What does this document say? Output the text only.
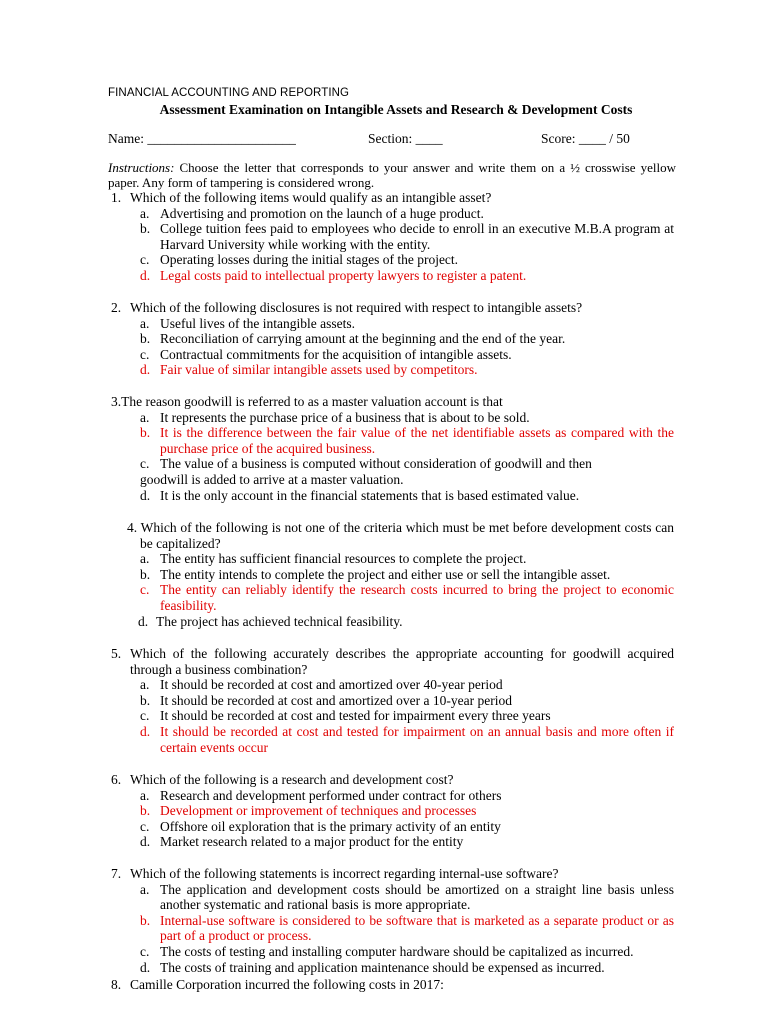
FINANCIAL ACCOUNTING AND REPORTING
Assessment Examination on Intangible Assets and Research & Development Costs
Name: ______________________	Section: ____	Score: ____ / 50
Instructions: Choose the letter that corresponds to your answer and write them on a ½ crosswise yellow paper. Any form of tampering is considered wrong.
1. Which of the following items would qualify as an intangible asset?
a. Advertising and promotion on the launch of a huge product.
b. College tuition fees paid to employees who decide to enroll in an executive M.B.A program at Harvard University while working with the entity.
c. Operating losses during the initial stages of the project.
d. Legal costs paid to intellectual property lawyers to register a patent.
2. Which of the following disclosures is not required with respect to intangible assets?
a. Useful lives of the intangible assets.
b. Reconciliation of carrying amount at the beginning and the end of the year.
c. Contractual commitments for the acquisition of intangible assets.
d. Fair value of similar intangible assets used by competitors.
3.The reason goodwill is referred to as a master valuation account is that
a. It represents the purchase price of a business that is about to be sold.
b. It is the difference between the fair value of the net identifiable assets as compared with the purchase price of the acquired business.
c. The value of a business is computed without consideration of goodwill and then
goodwill is added to arrive at a master valuation.
d. It is the only account in the financial statements that is based estimated value.
4. Which of the following is not one of the criteria which must be met before development costs can be capitalized?
a. The entity has sufficient financial resources to complete the project.
b. The entity intends to complete the project and either use or sell the intangible asset.
c. The entity can reliably identify the research costs incurred to bring the project to economic feasibility.
d. The project has achieved technical feasibility.
5. Which of the following accurately describes the appropriate accounting for goodwill acquired through a business combination?
a. It should be recorded at cost and amortized over 40-year period
b. It should be recorded at cost and amortized over a 10-year period
c. It should be recorded at cost and tested for impairment every three years
d. It should be recorded at cost and tested for impairment on an annual basis and more often if certain events occur
6. Which of the following is a research and development cost?
a. Research and development performed under contract for others
b. Development or improvement of techniques and processes
c. Offshore oil exploration that is the primary activity of an entity
d. Market research related to a major product for the entity
7. Which of the following statements is incorrect regarding internal-use software?
a. The application and development costs should be amortized on a straight line basis unless another systematic and rational basis is more appropriate.
b. Internal-use software is considered to be software that is marketed as a separate product or as part of a product or process.
c. The costs of testing and installing computer hardware should be capitalized as incurred.
d. The costs of training and application maintenance should be expensed as incurred.
8. Camille Corporation incurred the following costs in 2017:
